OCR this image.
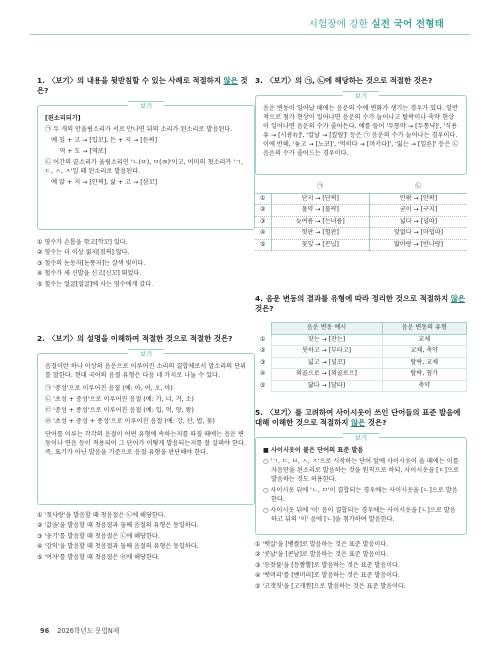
시험장에 강한 실전 국어 전형태
1. 〈보기〉의 내용을 뒷받침할 수 있는 사례로 적절하지 않은 것은?
보기
[된소리되기]

㉠ 두 개의 안울림소리가 서로 만나면 뒤의 소리가 된소리로 발음된다.

　예 잎 + 고 → [입꼬], 든 + 지 → [듣찌]

　　 역 + 도 → [역또]

㉡ 어간의 끝소리가 울림소리인 'ㄴ(ㄸ), ㅁ(ㄻ)'이고, 어미의 첫소리가 'ㄱ, ㄷ, ㅅ, ㅈ'일 때 된소리로 발음된다.

　예 앉 + 지 → [안찌], 삶 + 고 → [삼꼬]

① 영수가 손톱을 깎고[깍꼬] 있다.
② 영수는 더 이상 젊지[점찌] 않다.
③ 철수의 눈동자[눈똥자]는 갈색 빛이다.
④ 철수가 새 신발을 신고[신꼬] 뛰었다.
⑤ 철수는 얼굴[얼굴]에 사는 영수에게 갔다.
2. 〈보기〉의 설명을 이해하여 적절한 것으로 적절한 것은?
보기

음절이란 하나 이상의 음운으로 이루어진 소리의 결합체로서 말소리의 단위를 말한다. 현대 국어의 음절 유형은 다음 네 가지로 나눌 수 있다.

㉠ '중성'으로 이루어진 음절 (예: 아, 어, 오, 야)

㉡ '초성 + 중성'으로 이루어진 음절 (예: 가, 너, 거, 소)

㉢ '중성 + 종성'으로 이루어진 음절 (예: 입, 억, 양, 왕)

㉣ '초성 + 중성 + 종성'으로 이루어진 음절 (예: 강, 산, 밥, 꽃)

단어를 이루는 각각의 음절이 어떤 유형에 속하는지를 따질 때에는 음운 변동이나 연음 등이 적용되어 그 단어가 어떻게 발음되는지를 잘 살펴야 한다. 즉, 표기가 아닌 발음을 기준으로 음절 유형을 판단해야 한다.

① '첫사랑'을 발음할 때 첫음절은 ㉡에 해당한다.
② '값을'을 발음할 때 첫음절과 둘째 음절의 유형은 동일하다.
③ '웅기'를 발음할 때 첫음절은 ㉡에 해당한다.
④ '감익'을 발음할 때 첫음절과 둘째 음절의 유형은 동일하다.
⑤ '여자'를 발음할 때 첫음절은 ㉣에 해당한다.
3. 〈보기〉의 ㉠, ㉡에 해당하는 것으로 적절한 것은?
보기

음운 변동이 일어날 때에는 음운의 수에 변화가 생기는 경우가 있다. 일반적으로 첨가 현상이 일어나면 음운의 수가 늘어나고 탈락이나 축약 현상이 일어나면 음운의 수가 줄어든다. 예를 들어 '두통약 → [두통냑]', '식용유 → [시굥뉴]', '칼날 → [칼랄]' 등은 ㉠ 음운의 수가 늘어나는 경우이다. 이에 반해, '놓고 → [노코]', '먹히다 → [머키다]', '잃는 → [일른]' 등은 ㉡ 음운의 수가 줄어드는 경우이다.

	㉠	㉡
①	단지 → [단찌]	안팎 → [안팍]
②	물약 → [물략]	굳이 → [구지]
③	늦여름 → [는녀름]	넓다 → [널따]
④	헛판 → [헐판]	맞없다 → [마덥따]
⑤	꽃잎 → [꼰닙]	밟아랑 → [반나랑]
4. 음운 변동의 결과를 유형에 따라 정리한 것으로 적절하지 않은 것은?
	음운 변동 예시	음운 변동의 유형
①	잣는 → [잔는]	교체
②	붓하고 → [부타고]	교체, 축약
③	넓고 → [널꼬]	탈락, 교체
④	외골으로 → [외골로으]	탈락, 첨가
⑤	닳다 → [달타]	축약
5. 〈보기〉를 고려하여 사이시옷이 쓰인 단어들의 표준 발음에 대해 이해한 것으로 적절하지 않은 것은?
보기

■ 사이시옷이 붙은 단어의 표준 발음

○ 'ㄱ, ㄷ, ㅂ, ㅅ, ㅈ'으로 시작하는 단어 앞에 사이시옷이 올 때에는 이를 자음만을 된소리로 발음하는 것을 원칙으로 하되, 사이시옷을 [ㄷ]으로 발음하는 것도 허용한다.

○ 사이시옷 뒤에 'ㄴ, ㅁ'이 결합되는 경우에는 사이시옷을 [ㄴ]으로 발음한다.

○ 사이시옷 뒤에 '이' 음이 결합되는 경우에는 사이시옷을 [ㄴ]으로 발음하고 뒤의 '이' 음에 [ㄴ]을 첨가하여 발음한다.

① '뱃살'을 [밷쌀]로 발음하는 것은 표준 발음이다.
② '콧날'을 [콘날]로 발음하는 것은 표준 발음이다.
③ '등잣불'을 [등짬뿔]로 발음하는 것은 표준 발음이다.
④ '뱃머리'를 [밴머리]로 발음하는 것은 표준 발음이다.
⑤ '고갯짓'을 [고개찓]으로 발음하는 것은 표준 발음이다.
96 2026학년도 문법N제
